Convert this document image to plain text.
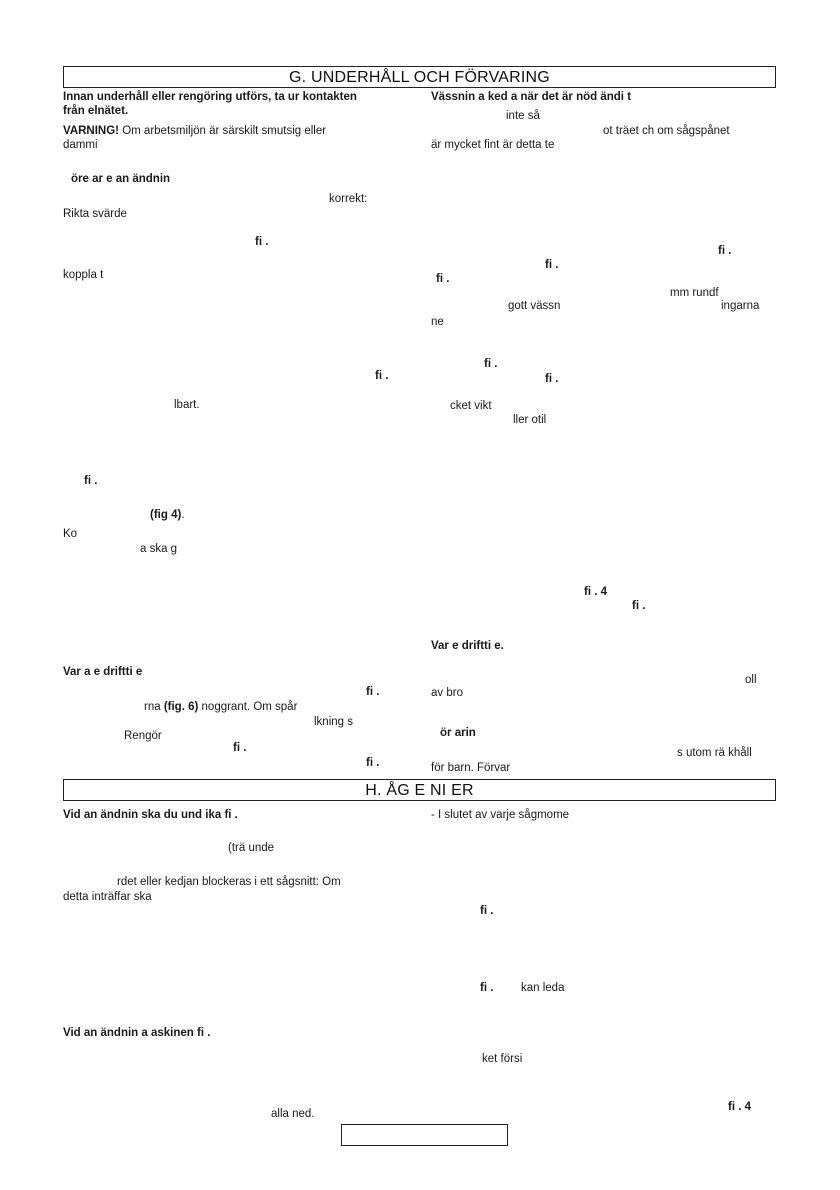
G. UNDERHÅLL OCH FÖRVARING
Innan underhåll eller rengöring utförs, ta ur kontakten
från elnätet.
VARNING! Om arbetsmiljön är särskilt smutsig eller
dammi
öre ar e an ändnin
korrekt:
Rikta svärde
fi .
koppla t
fi .
lbart.
fi .
(fig 4).
Ko
a ska g
Var a e driftti e
fi .
rna (fig. 6) noggrant. Om spår
lkning s
Rengör
fi .
fi .
Vässnin a ked a när det är nöd ändi t
inte så
ot träet ch om sågspånet
är mycket fint är detta te
fi .
fi .
fi .
mm rundf
gott vässn	ingarna
ne
fi .
fi .
cket vikt
ller otil
fi . 4
fi .
Var e driftti e.
oll
av bro
ör arin
s utom rä khåll
för barn. Förvar
H. ÅG E NI ER
Vid an ändnin ska du und ika fi .
(trä unde
rdet eller kedjan blockeras i ett sågsnitt: Om
detta inträffar ska
Vid an ändnin a askinen fi .
alla ned.
- I slutet av varje sågmome
fi .
fi . kan leda
ket försi
fi . 4
